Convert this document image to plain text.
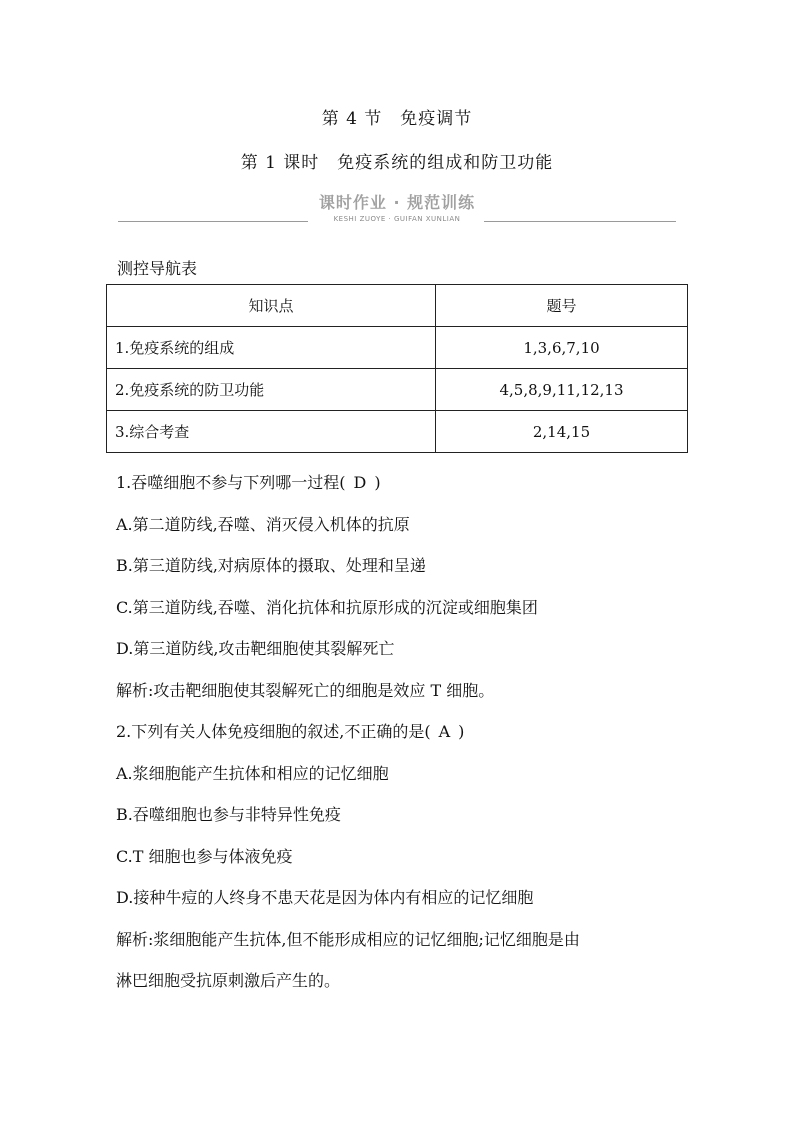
第 4 节　免疫调节
第 1 课时　免疫系统的组成和防卫功能
课时作业 · 规范训练
KESHI ZUOYE · GUIFAN XUNLIAN
测控导航表
知识点	题号
1.免疫系统的组成	1,3,6,7,10
2.免疫系统的防卫功能	4,5,8,9,11,12,13
3.综合考查	2,14,15
1.吞噬细胞不参与下列哪一过程( D )
A.第二道防线,吞噬、消灭侵入机体的抗原
B.第三道防线,对病原体的摄取、处理和呈递
C.第三道防线,吞噬、消化抗体和抗原形成的沉淀或细胞集团
D.第三道防线,攻击靶细胞使其裂解死亡
解析:攻击靶细胞使其裂解死亡的细胞是效应 T 细胞。
2.下列有关人体免疫细胞的叙述,不正确的是( A )
A.浆细胞能产生抗体和相应的记忆细胞
B.吞噬细胞也参与非特异性免疫
C.T 细胞也参与体液免疫
D.接种牛痘的人终身不患天花是因为体内有相应的记忆细胞
解析:浆细胞能产生抗体,但不能形成相应的记忆细胞;记忆细胞是由
淋巴细胞受抗原刺激后产生的。
